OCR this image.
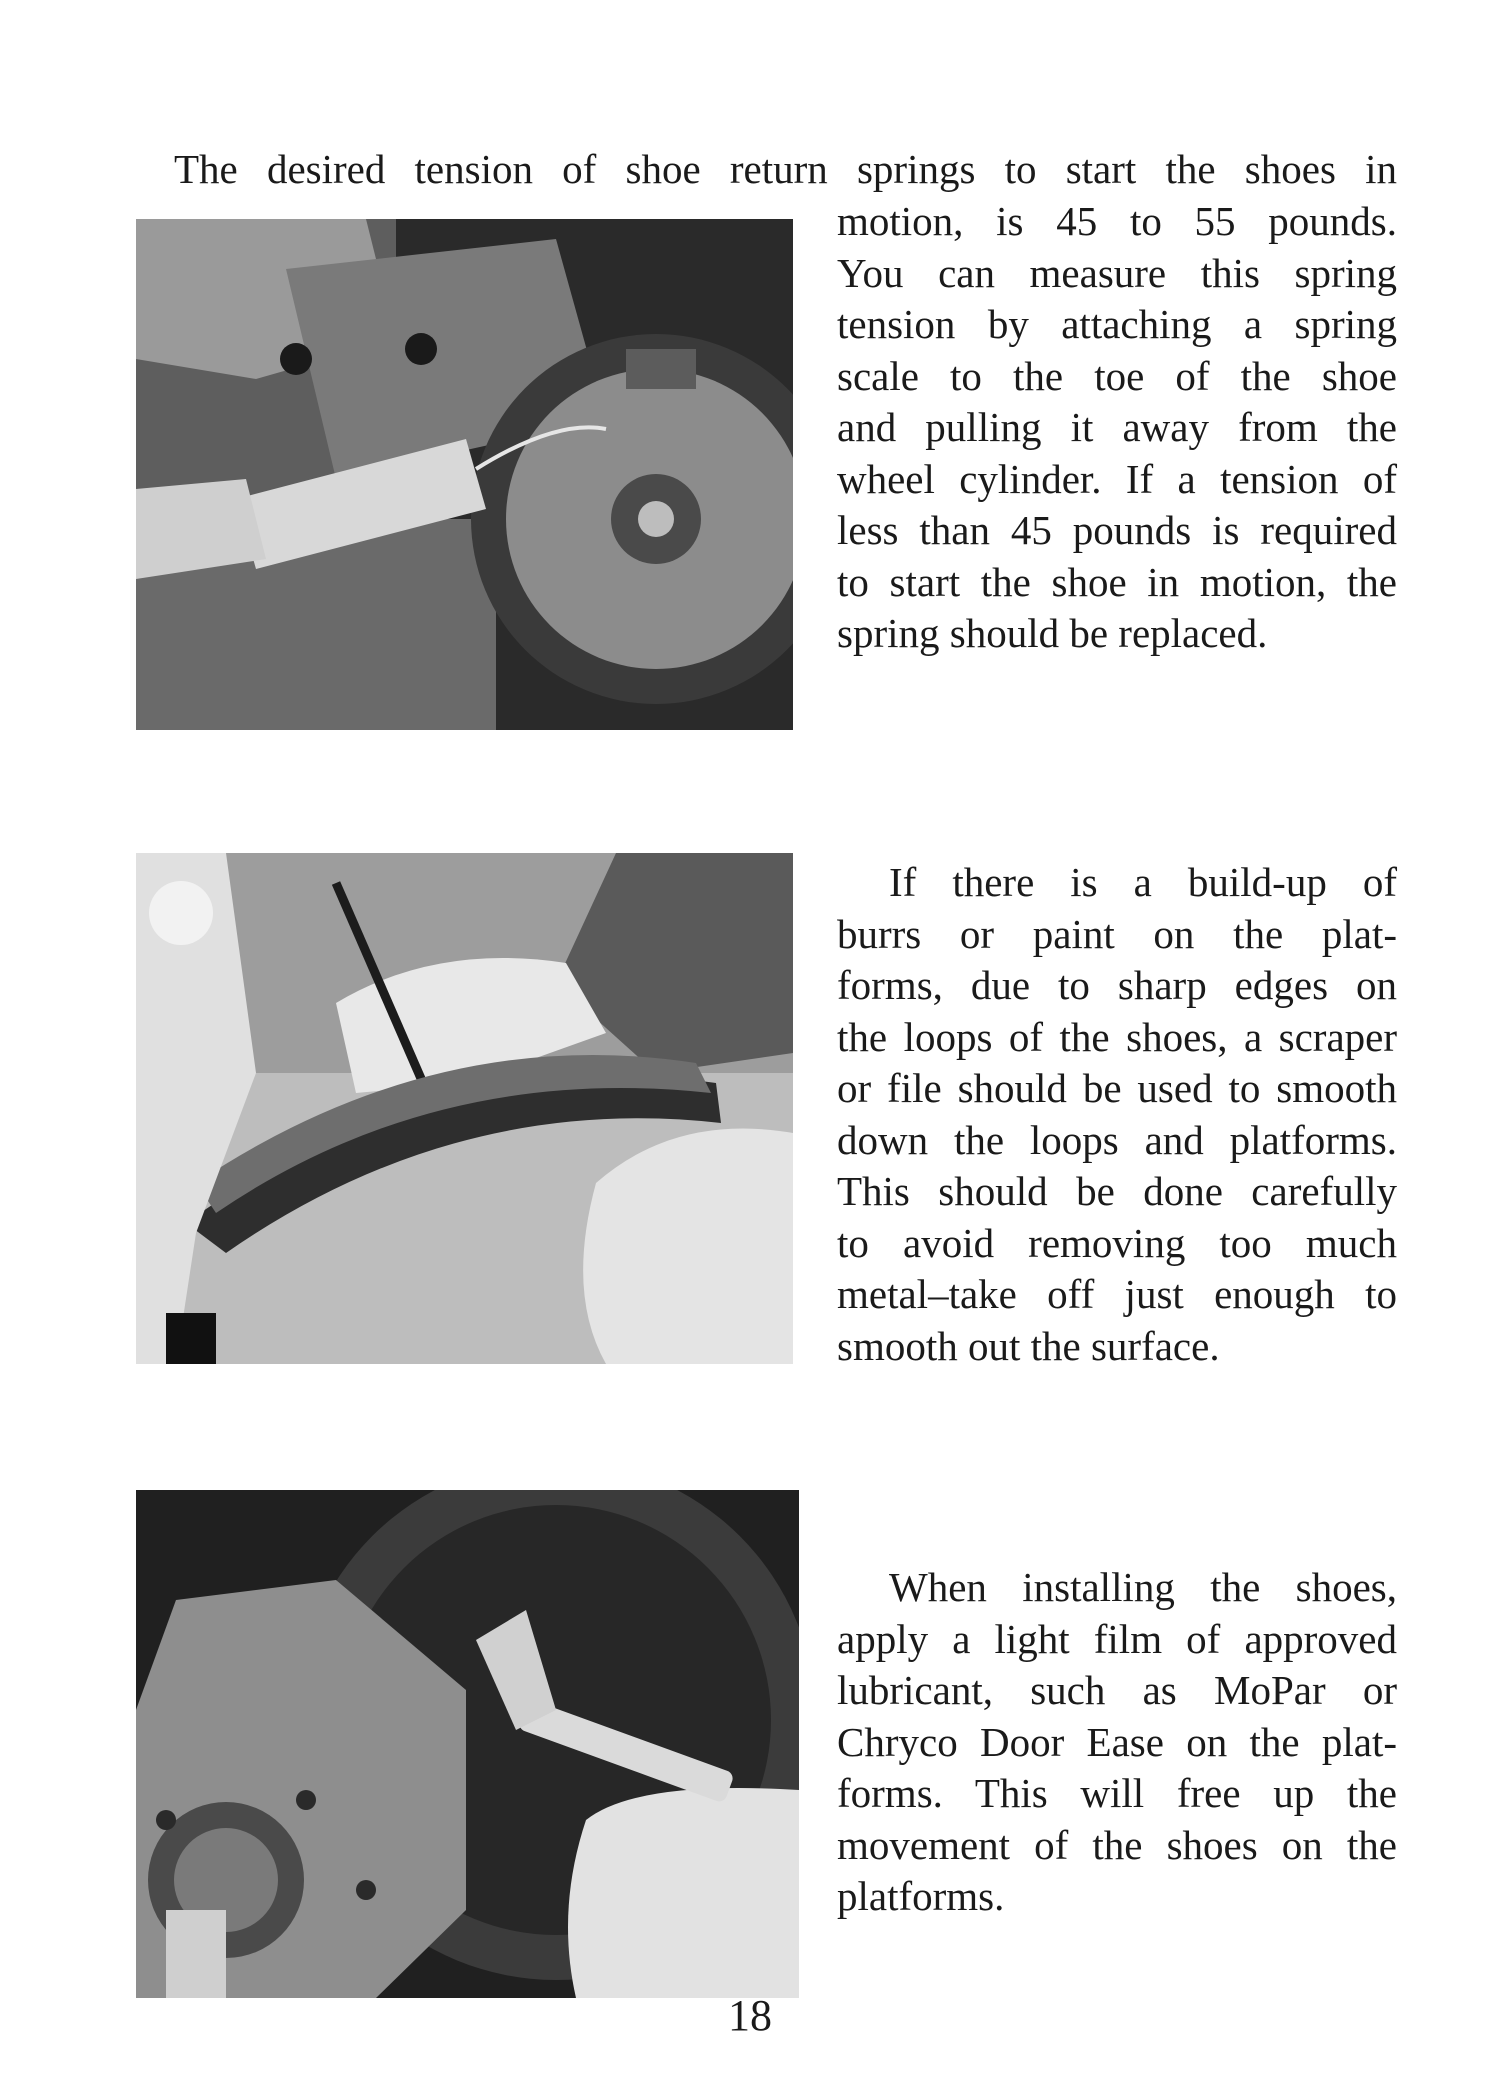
The desired tension of shoe return springs to start the shoes in
motion, is 45 to 55 pounds.
You can measure this spring
tension by attaching a spring
scale to the toe of the shoe
and pulling it away from the
wheel cylinder. If a tension of
less than 45 pounds is required
to start the shoe in motion, the
spring should be replaced.
If there is a build-up of
burrs or paint on the plat-
forms, due to sharp edges on
the loops of the shoes, a scraper
or file should be used to smooth
down the loops and platforms.
This should be done carefully
to avoid removing too much
metal–take off just enough to
smooth out the surface.
When installing the shoes,
apply a light film of approved
lubricant, such as MoPar or
Chryco Door Ease on the plat-
forms. This will free up the
movement of the shoes on the
platforms.
18
